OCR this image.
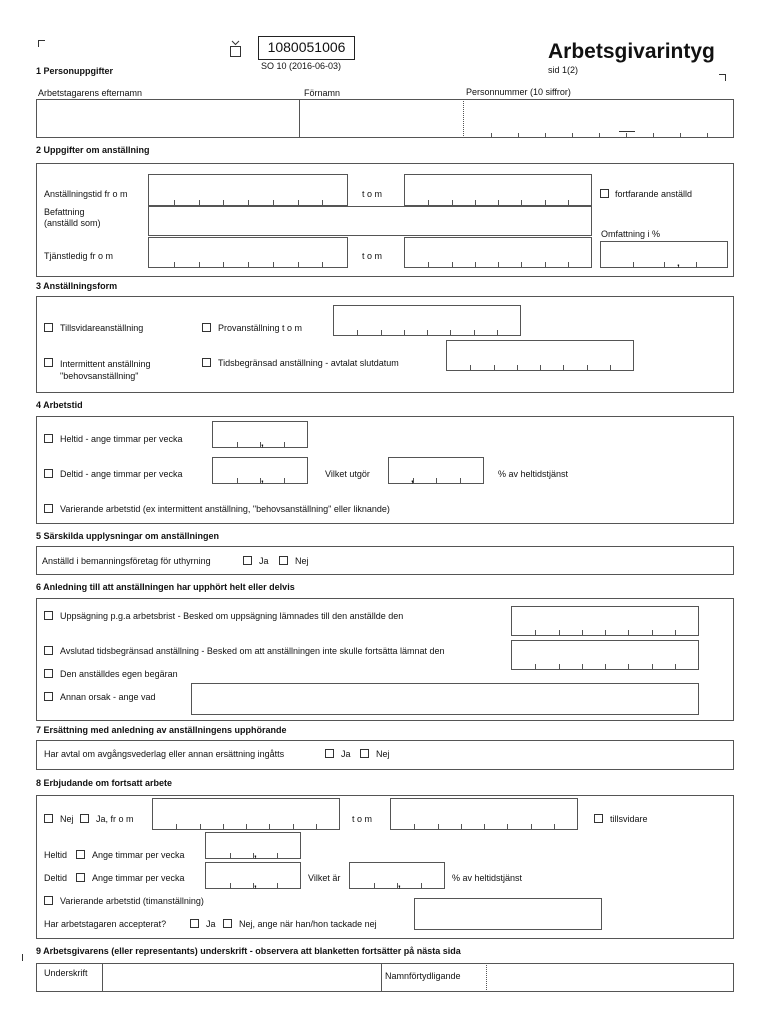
1080051006
SO 10 (2016-06-03)
Arbetsgivarintyg
sid 1(2)
1 Personuppgifter
Arbetstagarens efternamn	Förnamn	Personnummer (10 siffror)
2 Uppgifter om anställning
Anställningstid fr o m	t o m	fortfarande anställd
Befattning
(anställd som)
Omfattning i %
Tjänstledig fr o m	t o m
,
3 Anställningsform
Tillsvidareanställning	Provanställning t o m
Intermittent anställning
"behovsanställning"
Tidsbegränsad anställning - avtalat slutdatum
4 Arbetstid
Heltid - ange timmar per vecka	,
Deltid - ange timmar per vecka	,	Vilket utgör	,	% av heltidstjänst
Varierande arbetstid (ex intermittent anställning, "behovsanställning" eller liknande)
5 Särskilda upplysningar om anställningen
Anställd i bemanningsföretag för uthyrning	Ja	Nej
6 Anledning till att anställningen har upphört helt eller delvis
Uppsägning p.g.a arbetsbrist - Besked om uppsägning lämnades till den anställde den
Avslutad tidsbegränsad anställning - Besked om att anställningen inte skulle fortsätta lämnat den
Den anställdes egen begäran
Annan orsak - ange vad
7 Ersättning med anledning av anställningens upphörande
Har avtal om avgångsvederlag eller annan ersättning ingåtts	Ja	Nej
8 Erbjudande om fortsatt arbete
Nej Ja, fr o m	t o m	tillsvidare
Heltid	Ange timmar per vecka	,
Deltid	Ange timmar per vecka
,
Vilket är
,
% av heltidstjänst
Varierande arbetstid (timanställning)
Har arbetstagaren accepterat?	Ja	Nej, ange när han/hon tackade nej
9 Arbetsgivarens (eller representants) underskrift - observera att blanketten fortsätter på nästa sida
Underskrift	Namnförtydligande
